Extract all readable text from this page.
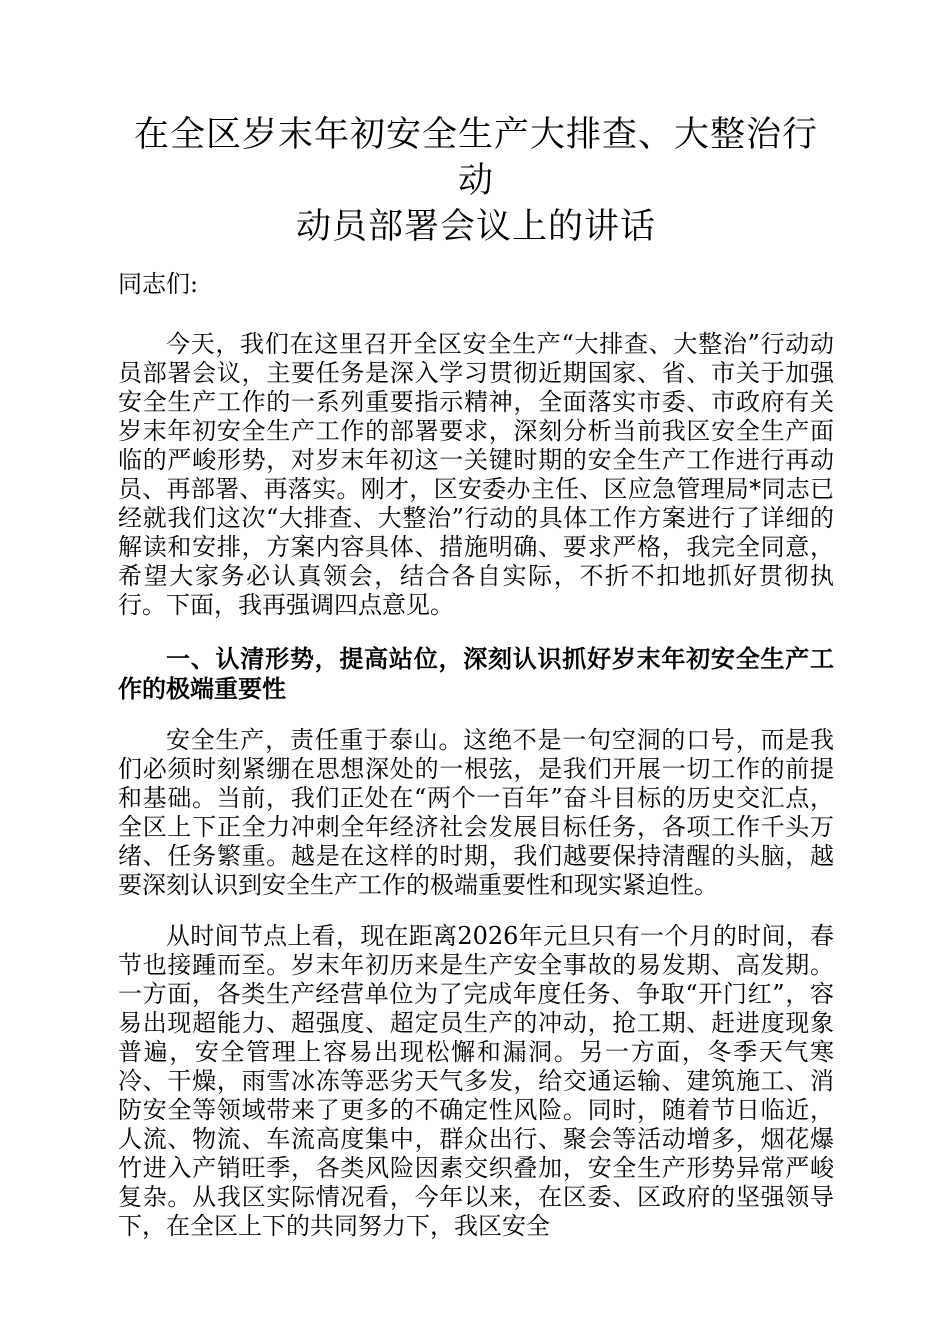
在全区岁末年初安全生产大排查、大整治行动
动员部署会议上的讲话

同志们:

今天，我们在这里召开全区安全生产“大排查、大整治”行动动员部署会议，主要任务是深入学习贯彻近期国家、省、市关于加强安全生产工作的一系列重要指示精神，全面落实市委、市政府有关岁末年初安全生产工作的部署要求，深刻分析当前我区安全生产面临的严峻形势，对岁末年初这一关键时期的安全生产工作进行再动员、再部署、再落实。刚才，区安委办主任、区应急管理局*同志已经就我们这次“大排查、大整治”行动的具体工作方案进行了详细的解读和安排，方案内容具体、措施明确、要求严格，我完全同意，希望大家务必认真领会，结合各自实际，不折不扣地抓好贯彻执行。下面，我再强调四点意见。

一、认清形势，提高站位，深刻认识抓好岁末年初安全生产工作的极端重要性

安全生产，责任重于泰山。这绝不是一句空洞的口号，而是我们必须时刻紧绷在思想深处的一根弦，是我们开展一切工作的前提和基础。当前，我们正处在“两个一百年”奋斗目标的历史交汇点，全区上下正全力冲刺全年经济社会发展目标任务，各项工作千头万绪、任务繁重。越是在这样的时期，我们越要保持清醒的头脑，越要深刻认识到安全生产工作的极端重要性和现实紧迫性。

从时间节点上看，现在距离2026年元旦只有一个月的时间，春节也接踵而至。岁末年初历来是生产安全事故的易发期、高发期。一方面，各类生产经营单位为了完成年度任务、争取“开门红”，容易出现超能力、超强度、超定员生产的冲动，抢工期、赶进度现象普遍，安全管理上容易出现松懈和漏洞。另一方面，冬季天气寒冷、干燥，雨雪冰冻等恶劣天气多发，给交通运输、建筑施工、消防安全等领域带来了更多的不确定性风险。同时，随着节日临近，人流、物流、车流高度集中，群众出行、聚会等活动增多，烟花爆竹进入产销旺季，各类风险因素交织叠加，安全生产形势异常严峻复杂。从我区实际情况看，今年以来，在区委、区政府的坚强领导下，在全区上下的共同努力下，我区安全
